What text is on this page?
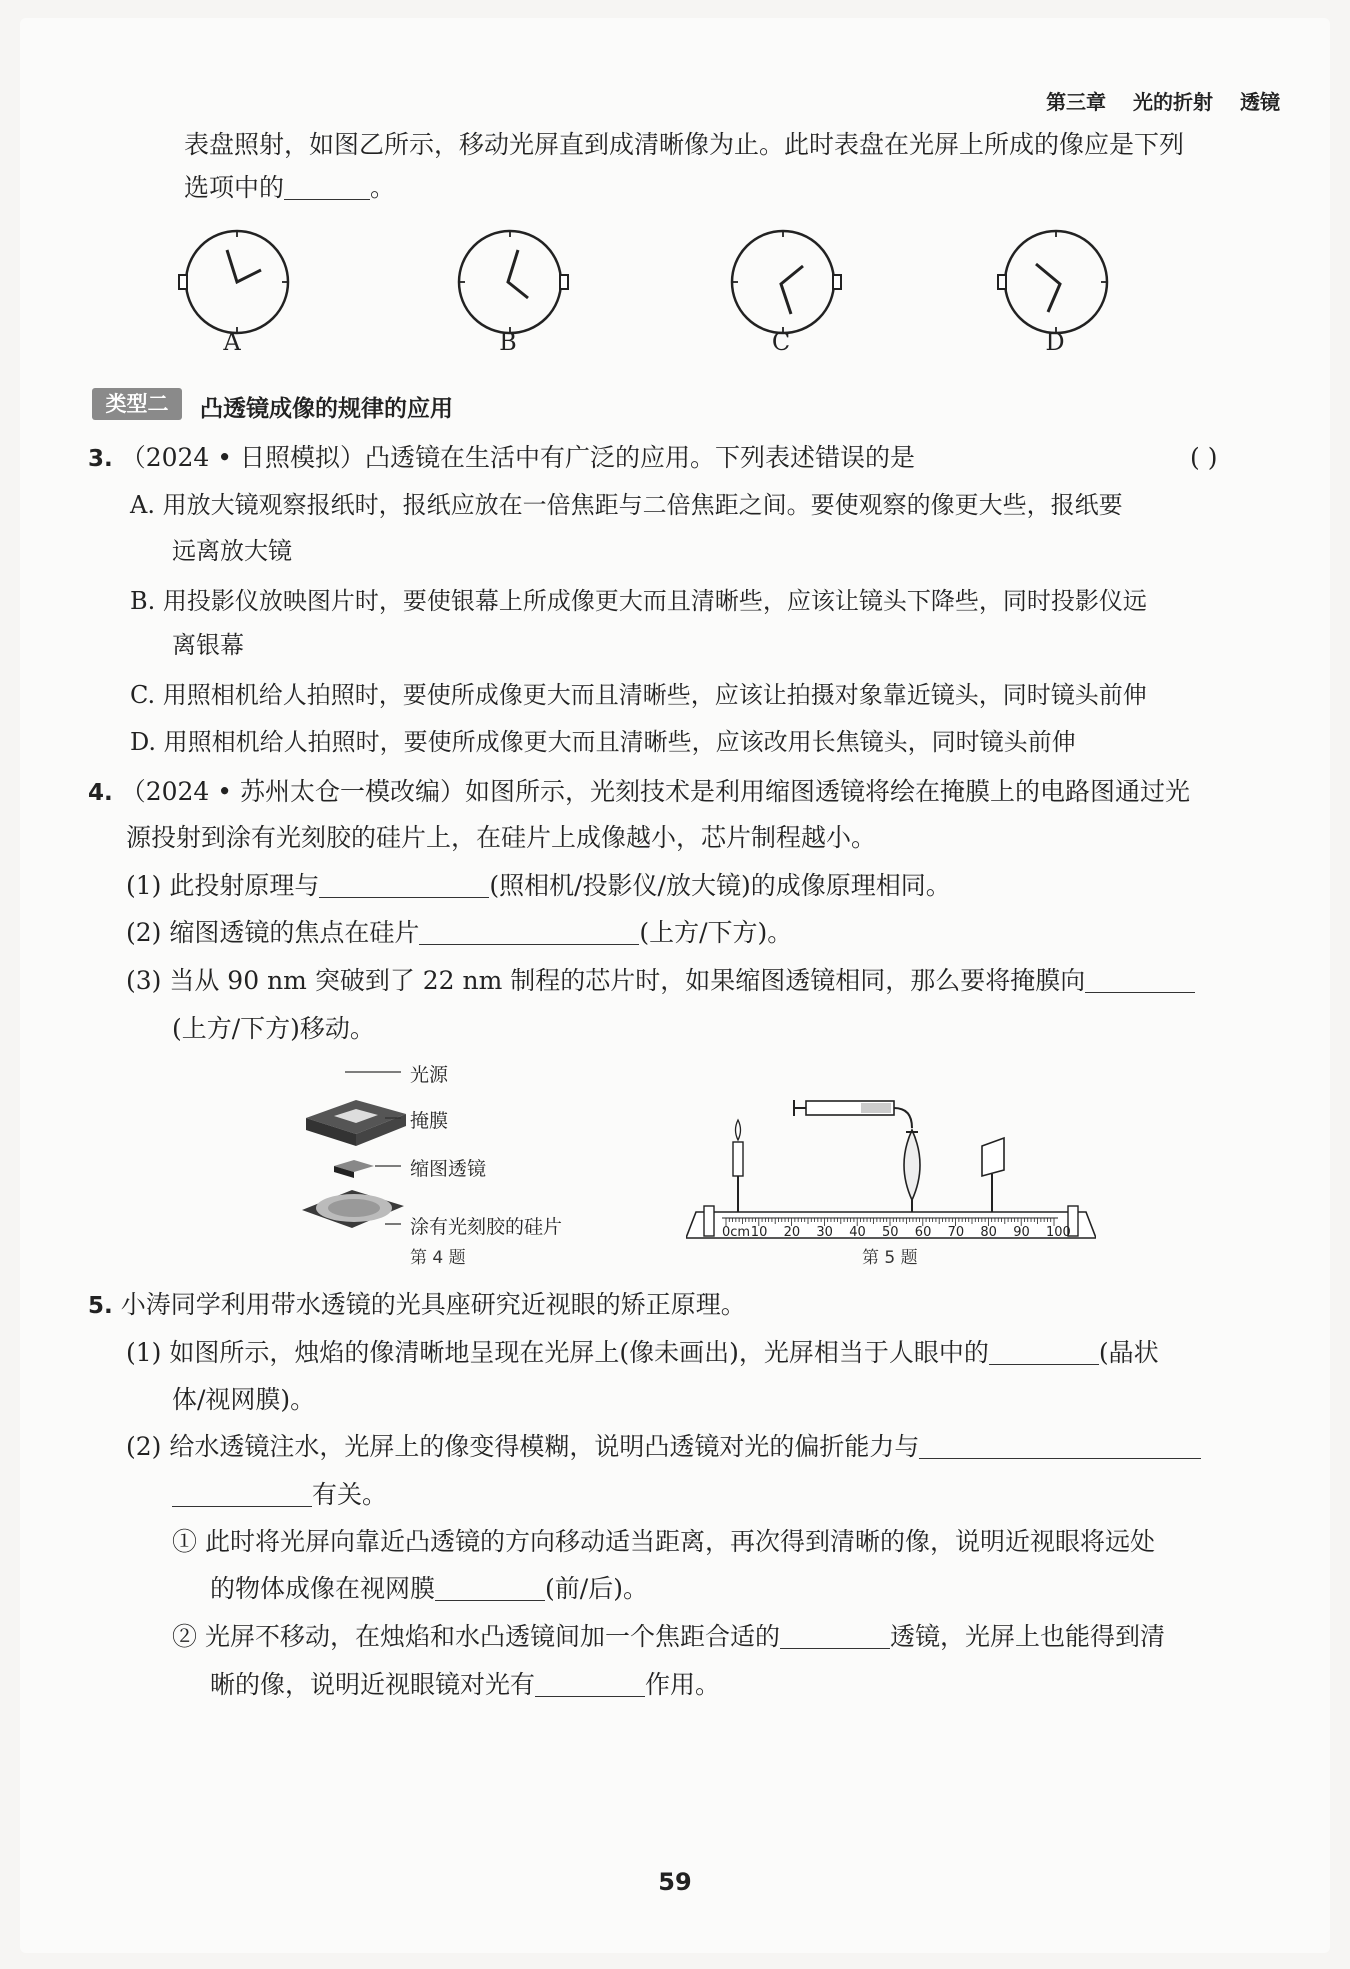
第三章 光的折射 透镜
表盘照射，如图乙所示，移动光屏直到成清晰像为止。此时表盘在光屏上所成的像应是下列
选项中的	。
A	B	C	D
类型二	凸透镜成像的规律的应用
3. （2024 • 日照模拟）凸透镜在生活中有广泛的应用。下列表述错误的是	( )
A. 用放大镜观察报纸时，报纸应放在一倍焦距与二倍焦距之间。要使观察的像更大些，报纸要
远离放大镜
B. 用投影仪放映图片时，要使银幕上所成像更大而且清晰些，应该让镜头下降些，同时投影仪远
离银幕
C. 用照相机给人拍照时，要使所成像更大而且清晰些，应该让拍摄对象靠近镜头，同时镜头前伸
D. 用照相机给人拍照时，要使所成像更大而且清晰些，应该改用长焦镜头，同时镜头前伸
4. （2024 • 苏州太仓一模改编）如图所示，光刻技术是利用缩图透镜将绘在掩膜上的电路图通过光
源投射到涂有光刻胶的硅片上，在硅片上成像越小，芯片制程越小。
(1) 此投射原理与	(照相机/投影仪/放大镜)的成像原理相同。
(2) 缩图透镜的焦点在硅片	(上方/下方)。
(3) 当从 90 nm 突破到了 22 nm 制程的芯片时，如果缩图透镜相同，那么要将掩膜向
(上方/下方)移动。
光源
掩膜
缩图透镜
涂有光刻胶的硅片
第 4 题	第 5 题
0cm 10 20 30 40 50 60 70 80 90 100
5. 小涛同学利用带水透镜的光具座研究近视眼的矫正原理。
(1) 如图所示，烛焰的像清晰地呈现在光屏上(像未画出)，光屏相当于人眼中的	(晶状
体/视网膜)。
(2) 给水透镜注水，光屏上的像变得模糊，说明凸透镜对光的偏折能力与
有关。
① 此时将光屏向靠近凸透镜的方向移动适当距离，再次得到清晰的像，说明近视眼将远处
的物体成像在视网膜	(前/后)。
② 光屏不移动，在烛焰和水凸透镜间加一个焦距合适的	透镜，光屏上也能得到清
晰的像，说明近视眼镜对光有	作用。
59
